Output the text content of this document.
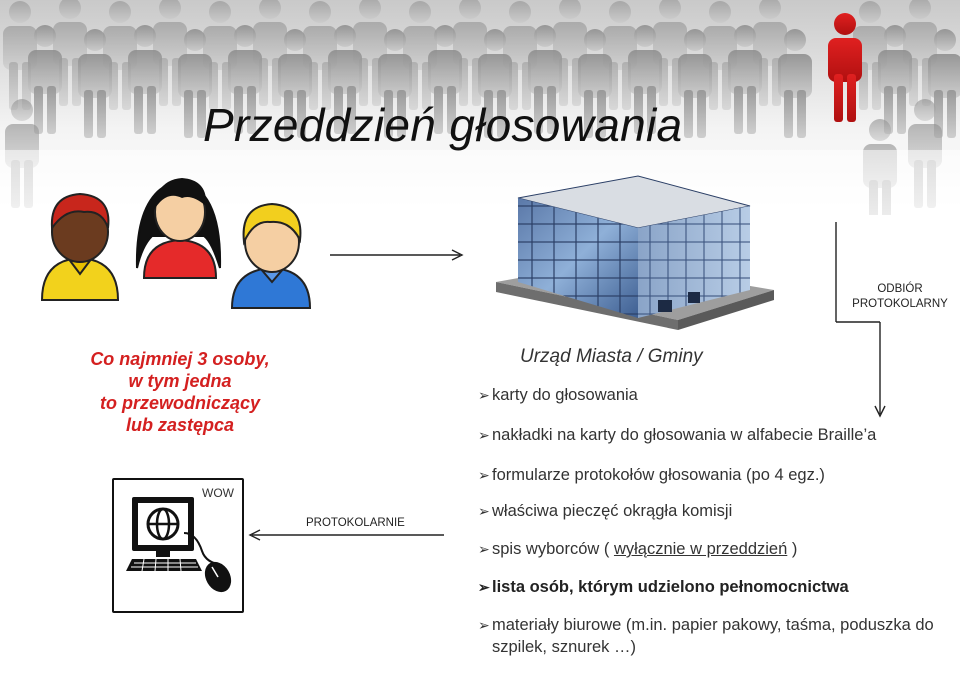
Przeddzień głosowania
ODBIÓR
PROTOKOLARNY
Co najmniej 3 osoby,
w tym jedna
to przewodniczący
lub zastępca
Urząd Miasta / Gminy
➢ karty do głosowania
➢ nakładki na karty do głosowania w alfabecie Braille’a
➢ formularze protokołów głosowania (po 4 egz.)
➢ właściwa pieczęć okrągła komisji
➢ spis wyborców ( wyłącznie w przeddzień )
➢ lista osób, którym udzielono pełnomocnictwa
➢ materiały biurowe (m.in. papier pakowy, taśma, poduszka do szpilek, sznurek …)
WOW
PROTOKOLARNIE
